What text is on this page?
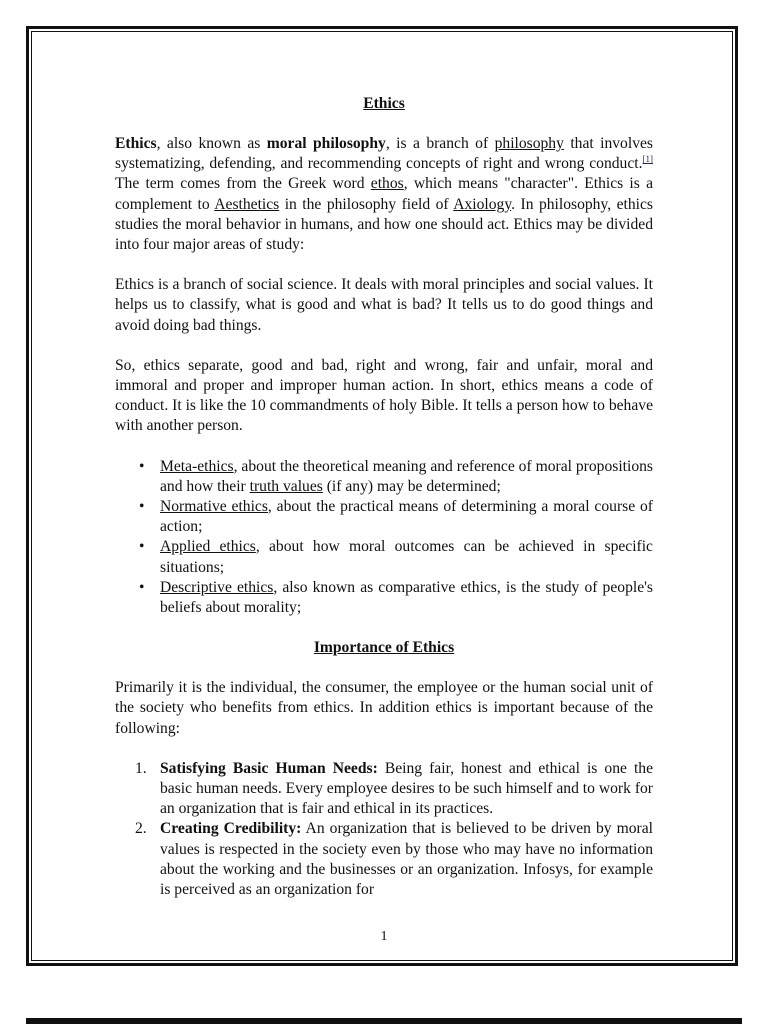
Ethics

Ethics, also known as moral philosophy, is a branch of philosophy that involves systematizing, defending, and recommending concepts of right and wrong conduct.[1] The term comes from the Greek word ethos, which means "character". Ethics is a complement to Aesthetics in the philosophy field of Axiology. In philosophy, ethics studies the moral behavior in humans, and how one should act. Ethics may be divided into four major areas of study:

Ethics is a branch of social science. It deals with moral principles and social values. It helps us to classify, what is good and what is bad? It tells us to do good things and avoid doing bad things.

So, ethics separate, good and bad, right and wrong, fair and unfair, moral and immoral and proper and improper human action. In short, ethics means a code of conduct. It is like the 10 commandments of holy Bible. It tells a person how to behave with another person.

• Meta-ethics, about the theoretical meaning and reference of moral propositions and how their truth values (if any) may be determined;
• Normative ethics, about the practical means of determining a moral course of action;
• Applied ethics, about how moral outcomes can be achieved in specific situations;
• Descriptive ethics, also known as comparative ethics, is the study of people's beliefs about morality;
Importance of Ethics

Primarily it is the individual, the consumer, the employee or the human social unit of the society who benefits from ethics. In addition ethics is important because of the following:

1. Satisfying Basic Human Needs: Being fair, honest and ethical is one the basic human needs. Every employee desires to be such himself and to work for an organization that is fair and ethical in its practices.
2. Creating Credibility: An organization that is believed to be driven by moral values is respected in the society even by those who may have no information about the working and the businesses or an organization. Infosys, for example is perceived as an organization for
1
